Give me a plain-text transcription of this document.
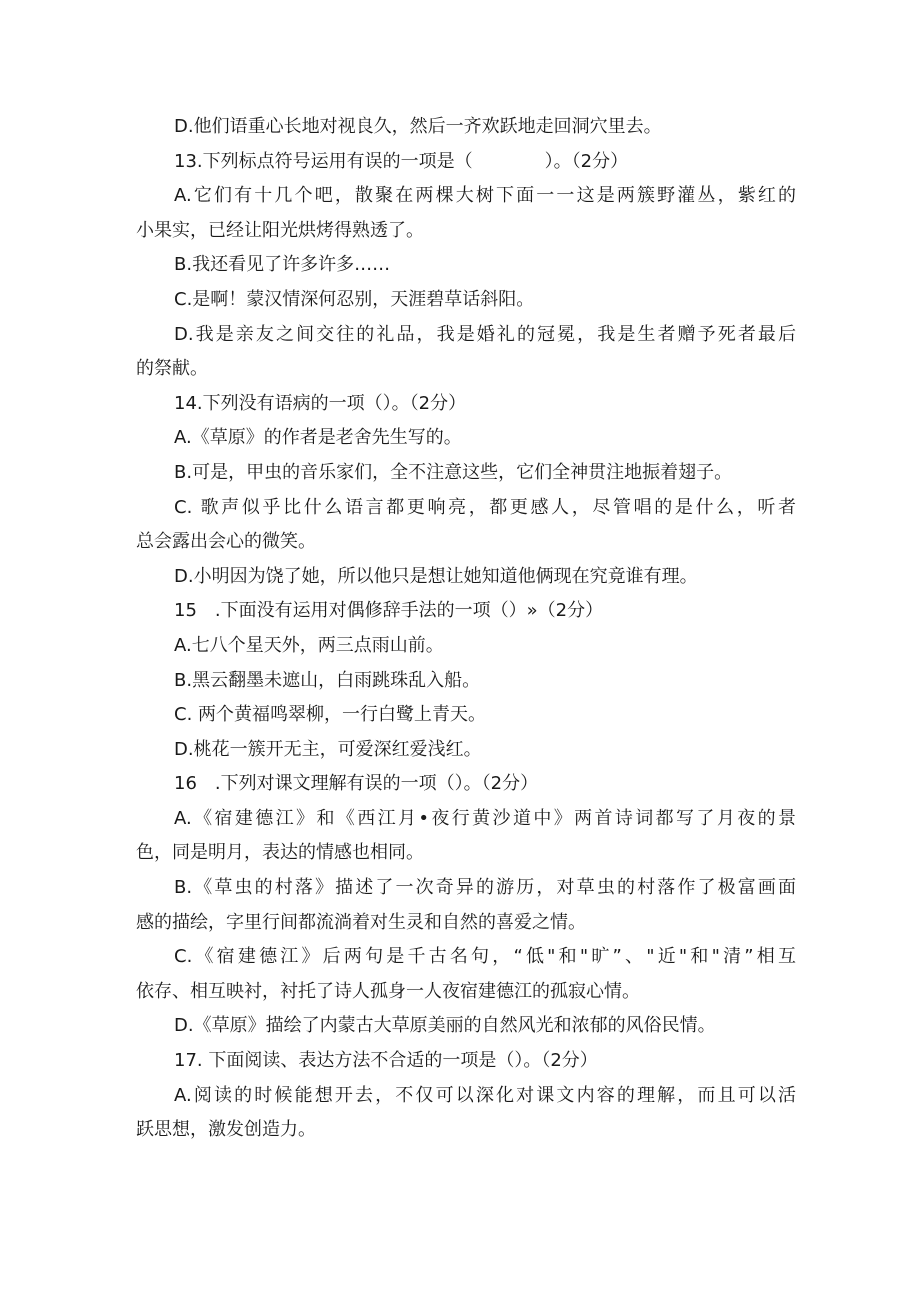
D.他们语重心长地对视良久，然后一齐欢跃地走回洞穴里去。
13.下列标点符号运用有误的一项是（　　　　）。（2分）
A.它们有十几个吧，散聚在两棵大树下面一一这是两簇野灌丛，紫红的
小果实，已经让阳光烘烤得熟透了。
B.我还看见了许多许多……
C.是啊！蒙汉情深何忍别，天涯碧草话斜阳。
D.我是亲友之间交往的礼品，我是婚礼的冠冕，我是生者赠予死者最后
的祭献。
14.下列没有语病的一项（）。（2分）
A.《草原》的作者是老舍先生写的。
B.可是，甲虫的音乐家们，全不注意这些，它们全神贯注地振着翅子。
C. 歌声似乎比什么语言都更响亮，都更感人，尽管唱的是什么，听者
总会露出会心的微笑。
D.小明因为饶了她，所以他只是想让她知道他俩现在究竟谁有理。
15　.下面没有运用对偶修辞手法的一项（）»（2分）
A.七八个星天外，两三点雨山前。
B.黑云翻墨未遮山，白雨跳珠乱入船。
C. 两个黄福鸣翠柳，一行白鹭上青天。
D.桃花一簇开无主，可爱深红爱浅红。
16　.下列对课文理解有误的一项（）。（2分）
A.《宿建德江》和《西江月•夜行黄沙道中》两首诗词都写了月夜的景
色，同是明月，表达的情感也相同。
B.《草虫的村落》描述了一次奇异的游历，对草虫的村落作了极富画面
感的描绘，字里行间都流淌着对生灵和自然的喜爱之情。
C.《宿建德江》后两句是千古名句，“低"和"旷”、"近"和"清”相互
依存、相互映衬，衬托了诗人孤身一人夜宿建德江的孤寂心情。
D.《草原》描绘了内蒙古大草原美丽的自然风光和浓郁的风俗民情。
17. 下面阅读、表达方法不合适的一项是（）。（2分）
A.阅读的时候能想开去，不仅可以深化对课文内容的理解，而且可以活
跃思想，激发创造力。
